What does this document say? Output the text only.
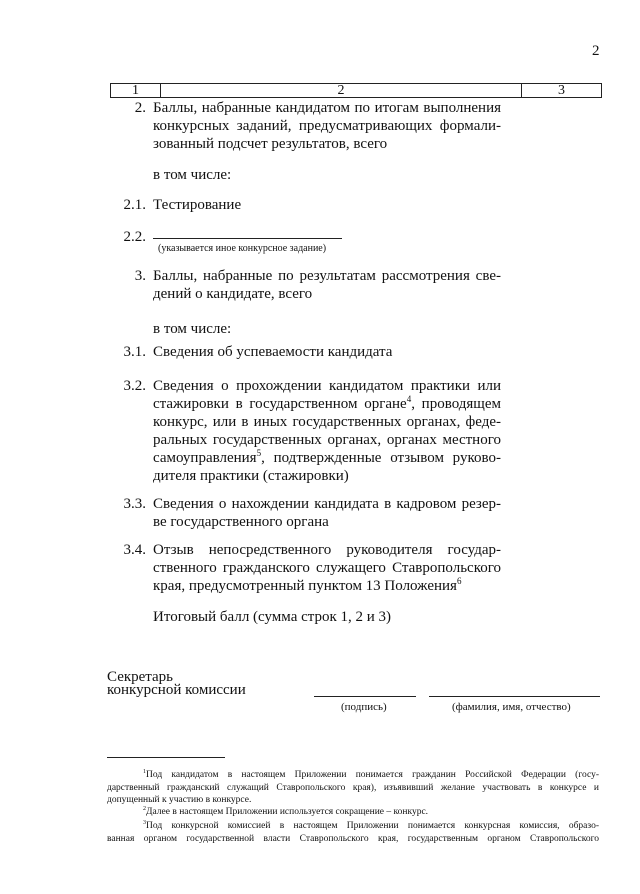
2
1	2	3
2. Баллы, набранные кандидатом по итогам выполнения
конкурсных заданий, предусматривающих формали-
зованный подсчет результатов, всего
в том числе:
2.1. Тестирование
2.2.
(указывается иное конкурсное задание)
3. Баллы, набранные по результатам рассмотрения све-
дений о кандидате, всего
в том числе:
3.1. Сведения об успеваемости кандидата
3.2. Сведения о прохождении кандидатом практики или
стажировки в государственном органе$^4$, проводящем
конкурс, или в иных государственных органах, феде-
ральных государственных органах, органах местного
самоуправления$^5$, подтвержденные отзывом руково-
дителя практики (стажировки)
3.3. Сведения о нахождении кандидата в кадровом резер-
ве государственного органа
3.4. Отзыв непосредственного руководителя государ-
ственного гражданского служащего Ставропольского
края, предусмотренный пунктом 13 Положения$^6$
Итоговый балл (сумма строк 1, 2 и 3)
Секретарь
конкурсной комиссии
(подпись)	(фамилия, имя, отчество)
$^1$Под кандидатом в настоящем Приложении понимается гражданин Российской Федерации (госу-
дарственный гражданский служащий Ставропольского края), изъявивший желание участвовать в конкурсе и
допущенный к участию в конкурсе.
$^2$Далее в настоящем Приложении используется сокращение – конкурс.
$^3$Под конкурсной комиссией в настоящем Приложении понимается конкурсная комиссия, образо-
ванная органом государственной власти Ставропольского края, государственным органом Ставропольского
